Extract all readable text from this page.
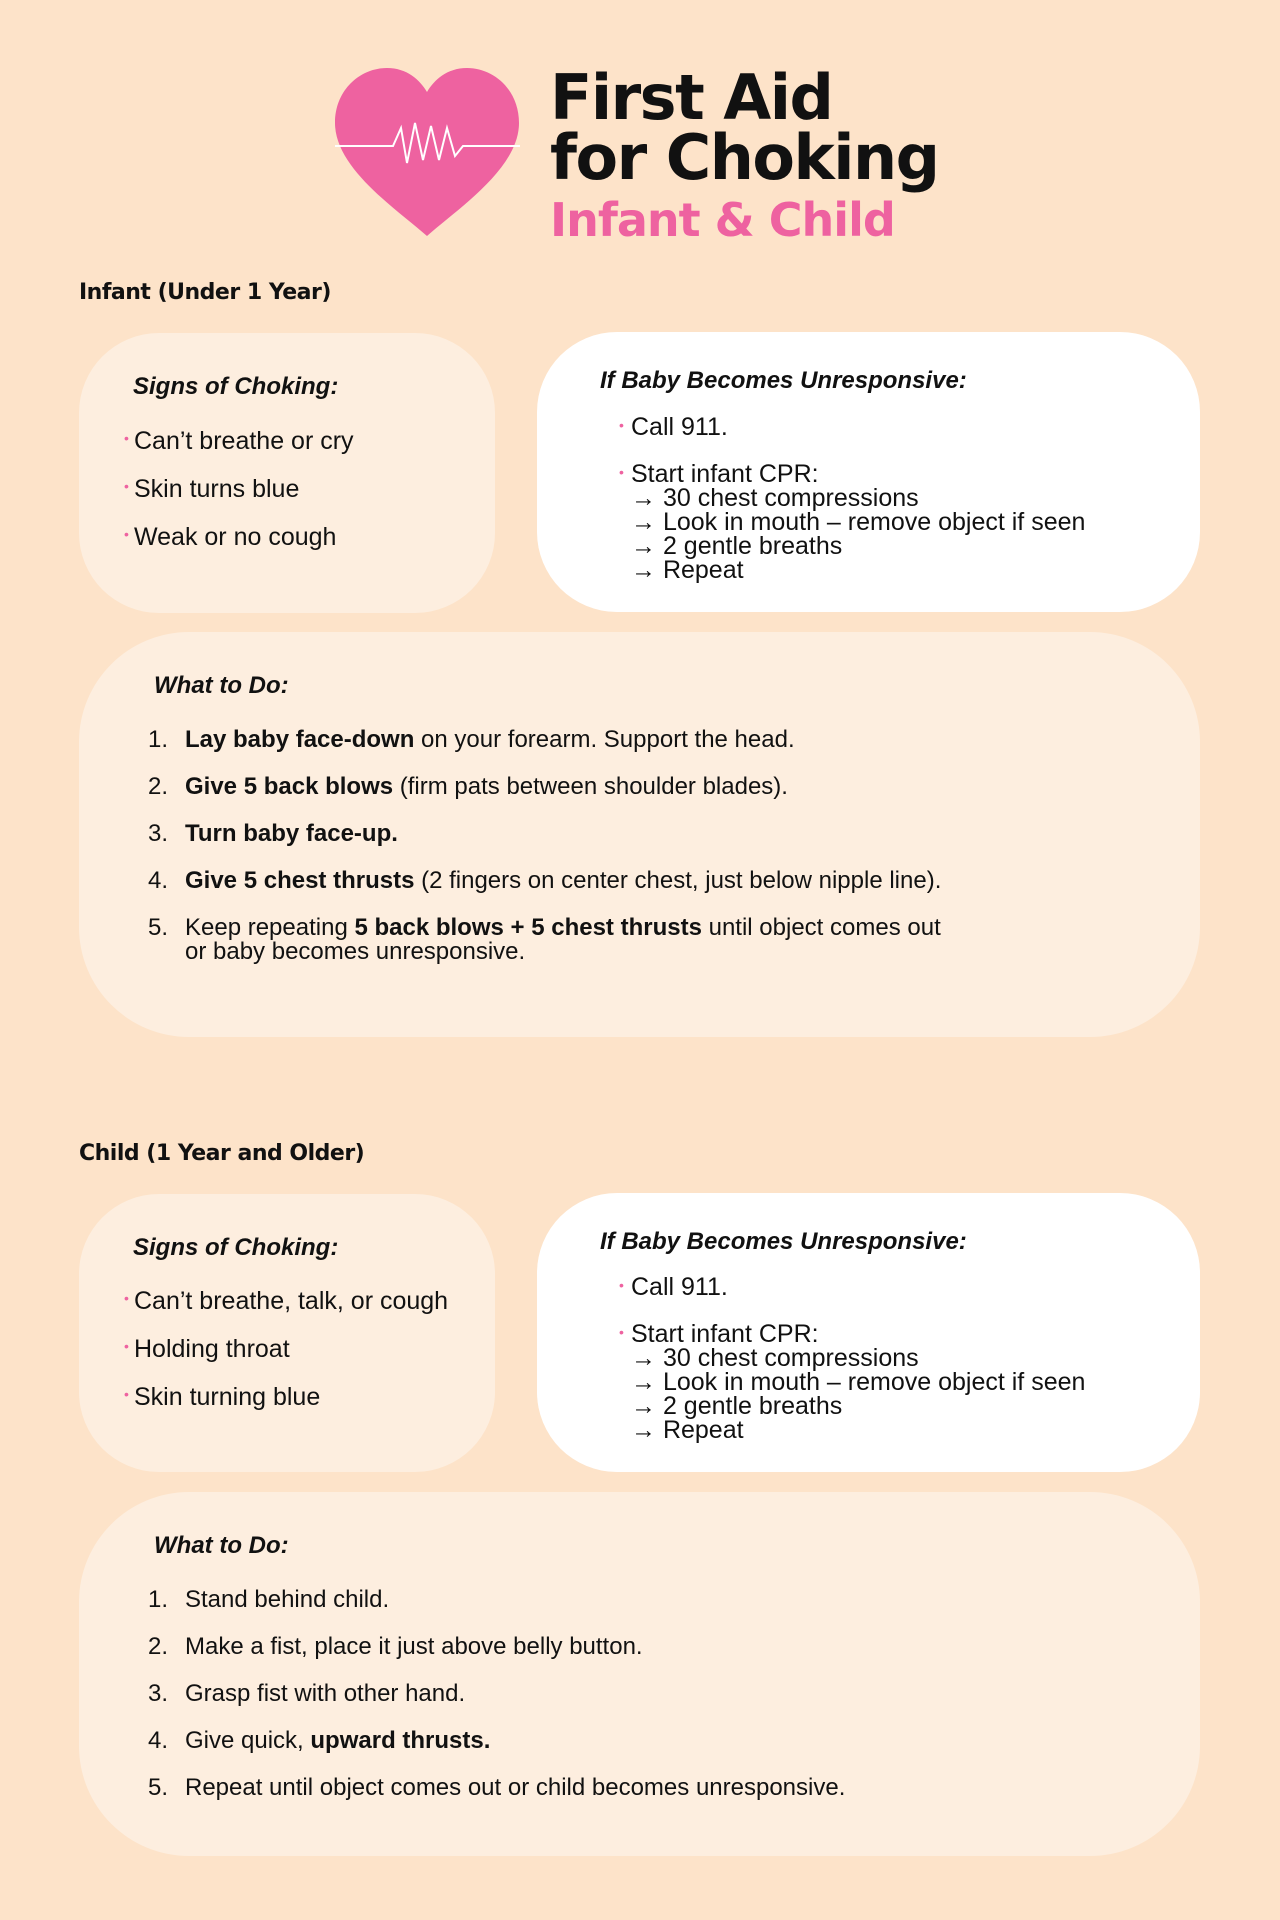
First Aid
for Choking
Infant & Child
Infant (Under 1 Year)
Signs of Choking:
• Can’t breathe or cry
• Skin turns blue
• Weak or no cough
If Baby Becomes Unresponsive:
• Call 911.
• Start infant CPR:
→ 30 chest compressions
→ Look in mouth – remove object if seen
→ 2 gentle breaths
→ Repeat
What to Do:
1. Lay baby face-down on your forearm. Support the head.
2. Give 5 back blows (firm pats between shoulder blades).
3. Turn baby face-up.
4. Give 5 chest thrusts (2 fingers on center chest, just below nipple line).
5. Keep repeating 5 back blows + 5 chest thrusts until object comes out
or baby becomes unresponsive.
Child (1 Year and Older)
Signs of Choking:
• Can’t breathe, talk, or cough
• Holding throat
• Skin turning blue
If Baby Becomes Unresponsive:
• Call 911.
• Start infant CPR:
→ 30 chest compressions
→ Look in mouth – remove object if seen
→ 2 gentle breaths
→ Repeat
What to Do:
1. Stand behind child.
2. Make a fist, place it just above belly button.
3. Grasp fist with other hand.
4. Give quick, upward thrusts.
5. Repeat until object comes out or child becomes unresponsive.
